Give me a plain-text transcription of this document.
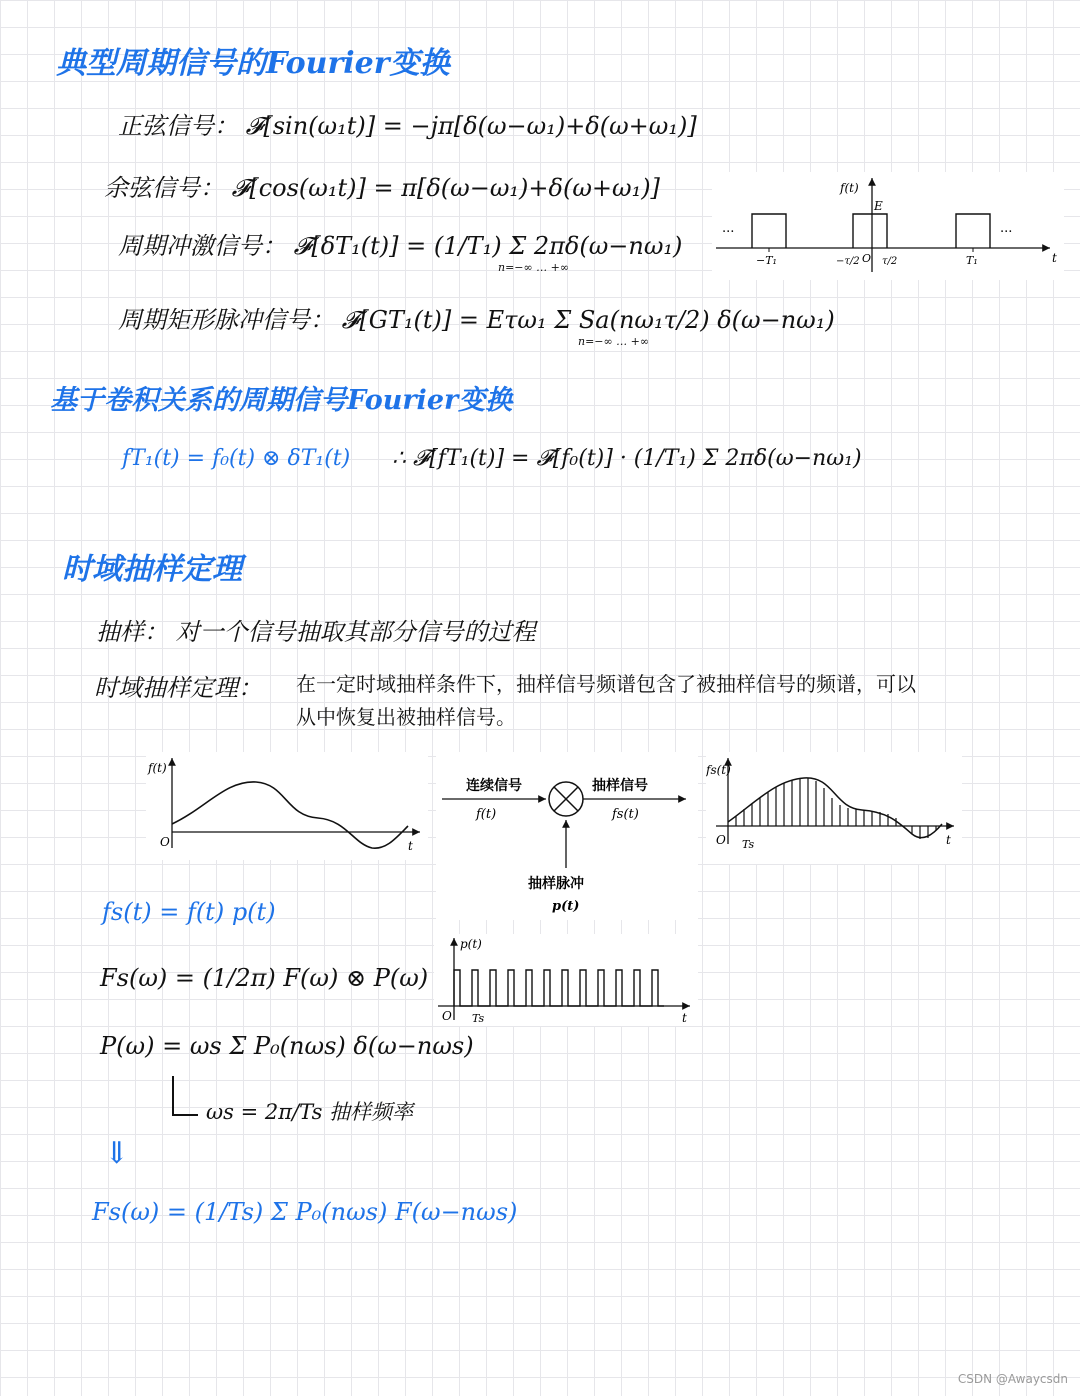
典型周期信号的Fourier变换
正弦信号： 𝓕[sin(ω₁t)] = −jπ[δ(ω−ω₁)+δ(ω+ω₁)]
余弦信号： 𝓕[cos(ω₁t)] = π[δ(ω−ω₁)+δ(ω+ω₁)]
周期冲激信号： 𝓕[δT₁(t)] = (1/T₁) Σ 2πδ(ω−nω₁)
n=−∞ … +∞
周期矩形脉冲信号： 𝓕[GT₁(t)] = Eτω₁ Σ Sa(nω₁τ/2) δ(ω−nω₁)
n=−∞ … +∞
f(t)
E
t
...	...
−T₁	−τ/2 O τ/2	T₁
基于卷积关系的周期信号Fourier变换
fT₁(t) = f₀(t) ⊗ δT₁(t) ∴ 𝓕[fT₁(t)] = 𝓕[f₀(t)] · (1/T₁) Σ 2πδ(ω−nω₁)
时域抽样定理
抽样： 对一个信号抽取其部分信号的过程
时域抽样定理： 在一定时域抽样条件下，抽样信号频谱包含了被抽样信号的频谱，可以
从中恢复出被抽样信号。
f(t)
O	t
连续信号
f(t)
抽样信号
fs(t)
抽样脉冲
p(t)
fs(t)
O Ts	t
p(t)
O Ts	t
fs(t) = f(t) p(t)
Fs(ω) = (1/2π) F(ω) ⊗ P(ω)
P(ω) = ωs Σ P₀(nωs) δ(ω−nωs)
ωs = 2π/Ts 抽样频率
⇓
Fs(ω) = (1/Ts) Σ P₀(nωs) F(ω−nωs)
CSDN @Awaycsdn
